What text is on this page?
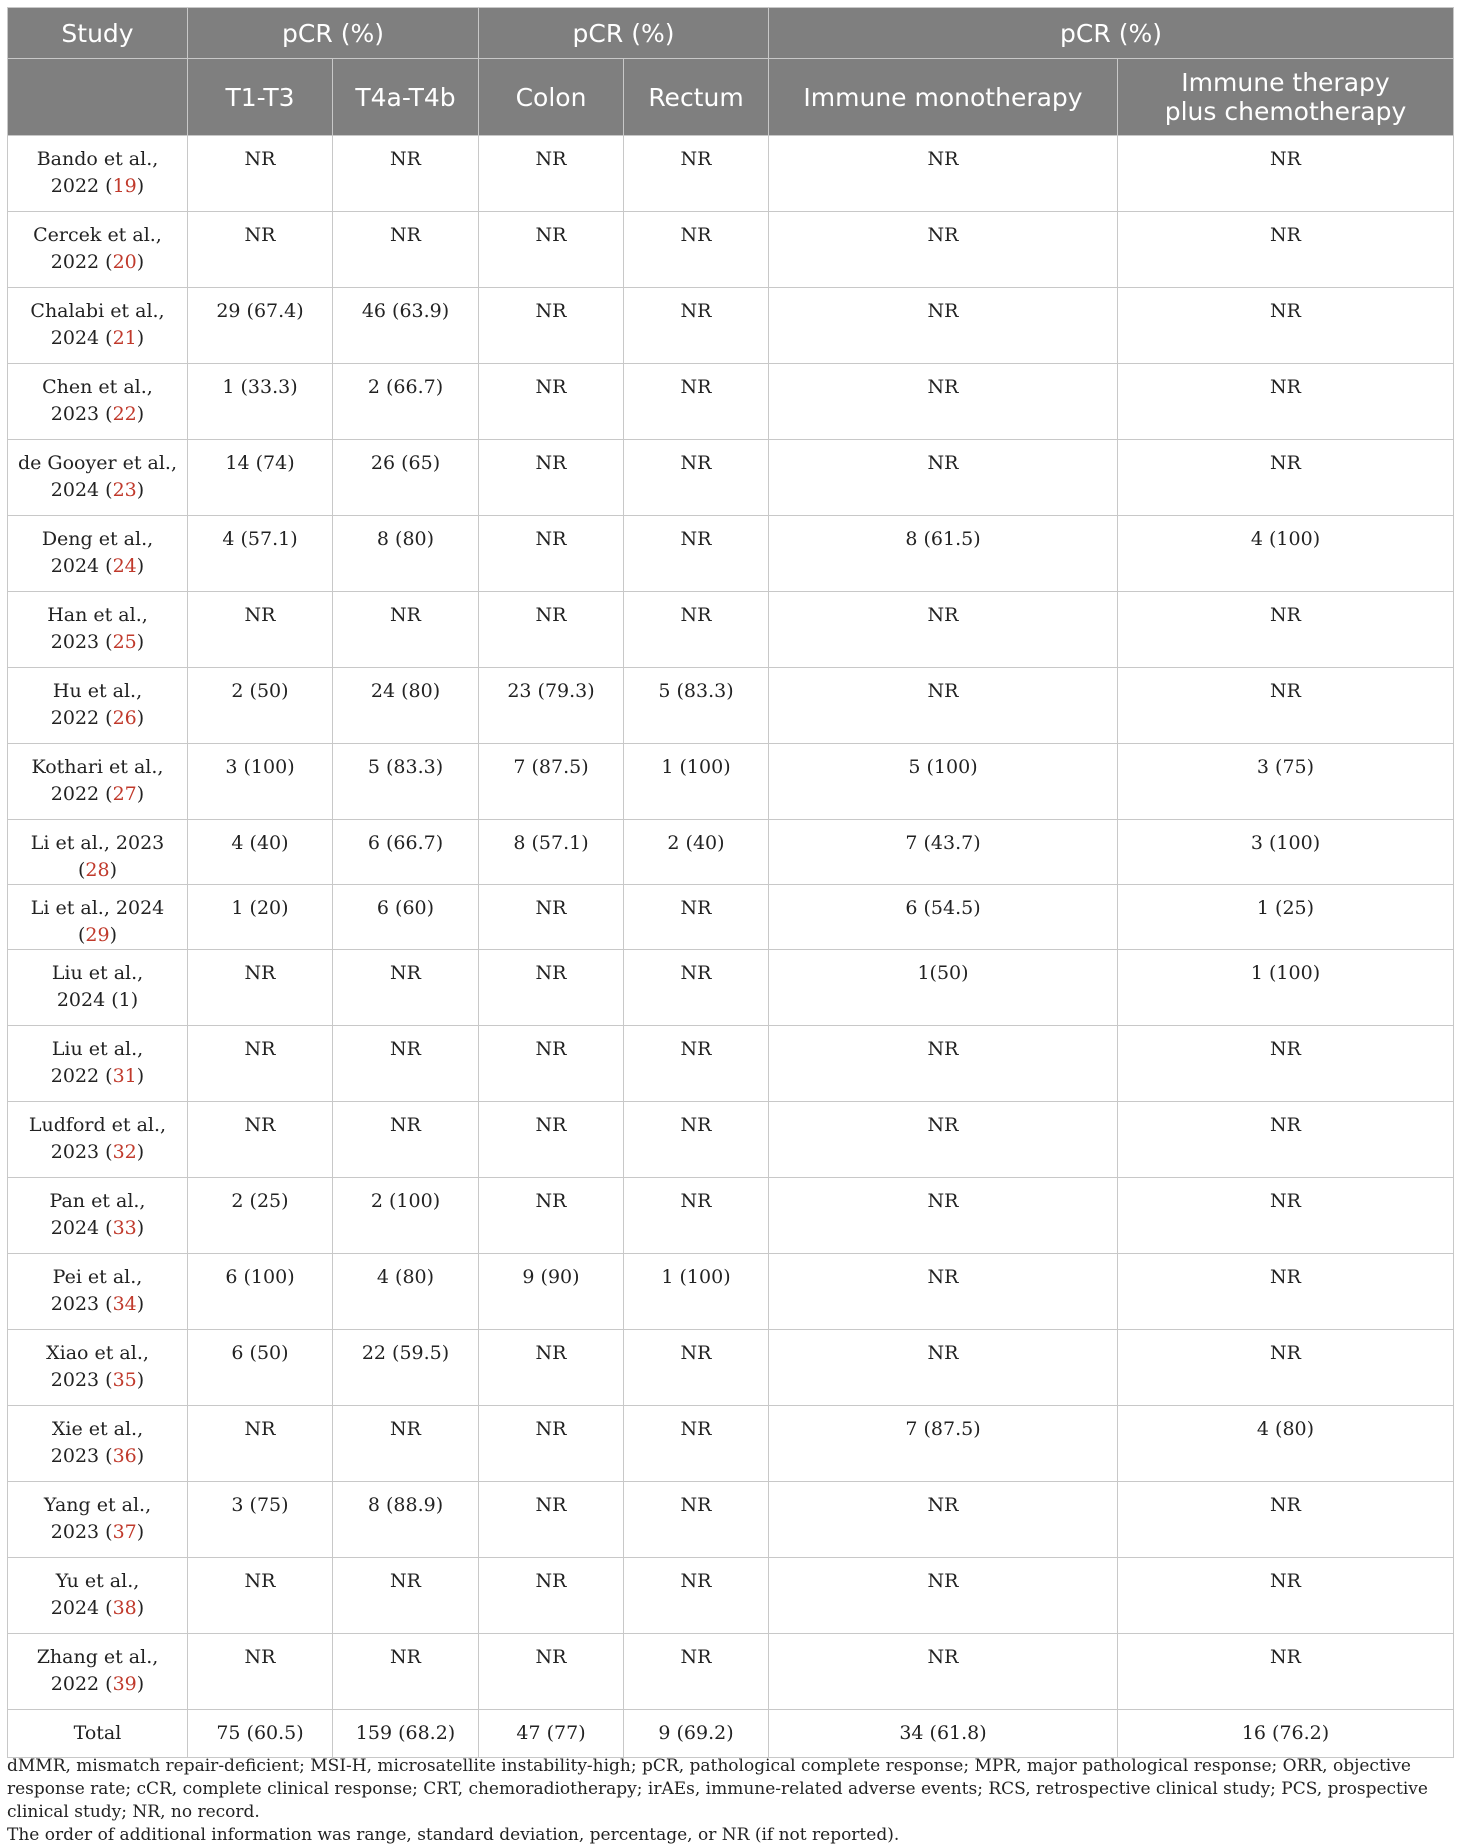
Study	pCR (%)		pCR (%)		pCR (%)	
	T1-T3	T4a-T4b	Colon	Rectum	Immune monotherapy	Immune therapy
plus chemotherapy
Bando et al.,
2022 (19)	NR	NR	NR	NR	NR	NR
Cercek et al.,
2022 (20)	NR	NR	NR	NR	NR	NR
Chalabi et al.,
2024 (21)	29 (67.4)	46 (63.9)	NR	NR	NR	NR
Chen et al.,
2023 (22)	1 (33.3)	2 (66.7)	NR	NR	NR	NR
de Gooyer et al.,
2024 (23)	14 (74)	26 (65)	NR	NR	NR	NR
Deng et al.,
2024 (24)	4 (57.1)	8 (80)	NR	NR	8 (61.5)	4 (100)
Han et al.,
2023 (25)	NR	NR	NR	NR	NR	NR
Hu et al.,
2022 (26)	2 (50)	24 (80)	23 (79.3)	5 (83.3)	NR	NR
Kothari et al.,
2022 (27)	3 (100)	5 (83.3)	7 (87.5)	1 (100)	5 (100)	3 (75)
Li et al., 2023 (28)	4 (40)	6 (66.7)	8 (57.1)	2 (40)	7 (43.7)	3 (100)
Li et al., 2024 (29)	1 (20)	6 (60)	NR	NR	6 (54.5)	1 (25)
Liu et al.,
2024 (1)	NR	NR	NR	NR	1(50)	1 (100)
Liu et al.,
2022 (31)	NR	NR	NR	NR	NR	NR
Ludford et al.,
2023 (32)	NR	NR	NR	NR	NR	NR
Pan et al.,
2024 (33)	2 (25)	2 (100)	NR	NR	NR	NR
Pei et al.,
2023 (34)	6 (100)	4 (80)	9 (90)	1 (100)	NR	NR
Xiao et al.,
2023 (35)	6 (50)	22 (59.5)	NR	NR	NR	NR
Xie et al.,
2023 (36)	NR	NR	NR	NR	7 (87.5)	4 (80)
Yang et al.,
2023 (37)	3 (75)	8 (88.9)	NR	NR	NR	NR
Yu et al.,
2024 (38)	NR	NR	NR	NR	NR	NR
Zhang et al.,
2022 (39)	NR	NR	NR	NR	NR	NR
Total	75 (60.5)	159 (68.2)	47 (77)	9 (69.2)	34 (61.8)	16 (76.2)

dMMR, mismatch repair-deficient; MSI-H, microsatellite instability-high; pCR, pathological complete response; MPR, major pathological response; ORR, objective response rate; cCR, complete clinical response; CRT, chemoradiotherapy; irAEs, immune-related adverse events; RCS, retrospective clinical study; PCS, prospective clinical study; NR, no record.

The order of additional information was range, standard deviation, percentage, or NR (if not reported).
